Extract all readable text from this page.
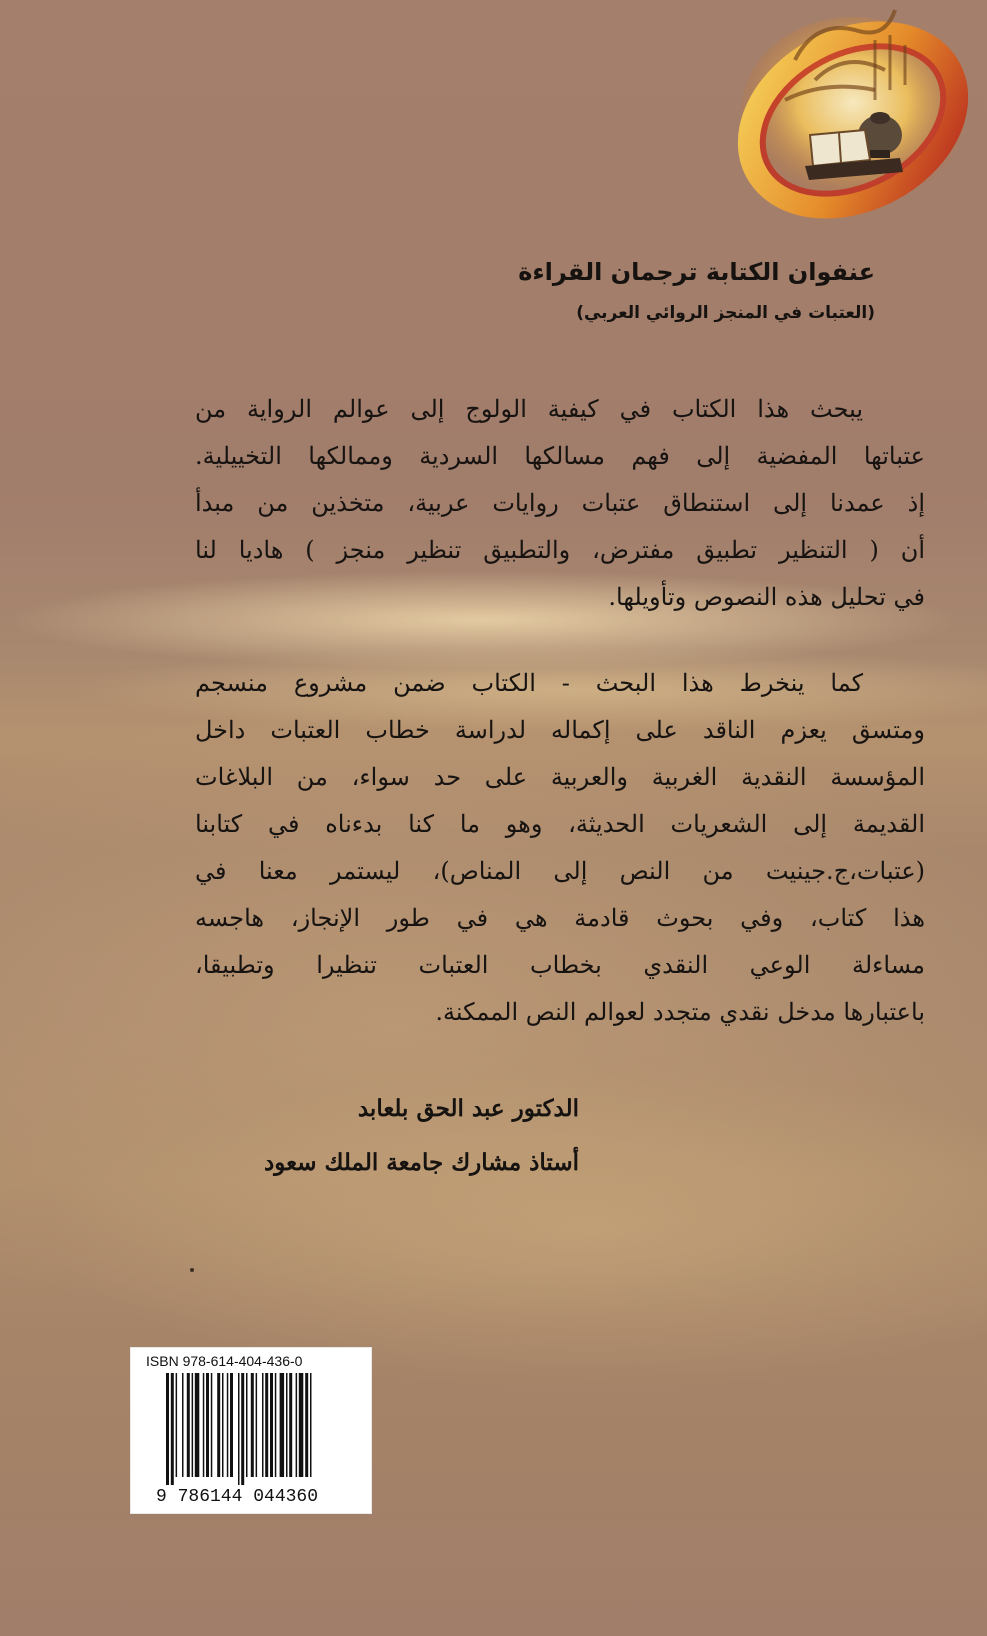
عنفوان الكتابة ترجمان القراءة
(العتبات في المنجز الروائي العربي)
يبحث هذا الكتاب في كيفية الولوج إلى عوالم الرواية من
عتباتها المفضية إلى فهم مسالكها السردية وممالكها التخييلية.
إذ عمدنا إلى استنطاق عتبات روايات عربية، متخذين من مبدأ
أن ( التنظير تطبيق مفترض، والتطبيق تنظير منجز ) هاديا لنا
في تحليل هذه النصوص وتأويلها.
كما ينخرط هذا البحث - الكتاب ضمن مشروع منسجم
ومتسق يعزم الناقد على إكماله لدراسة خطاب العتبات داخل
المؤسسة النقدية الغربية والعربية على حد سواء، من البلاغات
القديمة إلى الشعريات الحديثة، وهو ما كنا بدءناه في كتابنا
(عتبات،ج.جينيت من النص إلى المناص)، ليستمر معنا في
هذا كتاب، وفي بحوث قادمة هي في طور الإنجاز، هاجسه
مساءلة الوعي النقدي بخطاب العتبات تنظيرا وتطبيقا،
باعتبارها مدخل نقدي متجدد لعوالم النص الممكنة.
الدكتور عبد الحق بلعابد
أستاذ مشارك جامعة الملك سعود
ISBN 978-614-404-436-0
9 786144 044360
